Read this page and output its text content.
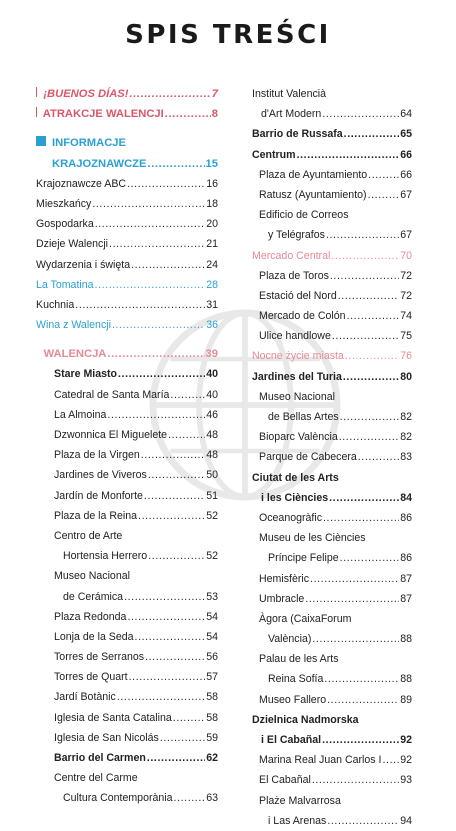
SPIS TREŚCI
¡BUENOS DÍAS! .....	7
ATRAKCJE WALENCJI .....	8
INFORMACJE
KRAJOZNAWCZE .....	15
Krajoznawcze ABC .....	16
Mieszkańcy .....	18
Gospodarka .....	20
Dzieje Walencji .....	21
Wydarzenia i święta .....	24
La Tomatina .....	28
Kuchnia .....	31
Wina z Walencji .....	36
WALENCJA .....	39
Stare Miasto .....	40
Catedral de Santa María .....	40
La Almoina .....	46
Dzwonnica El Miguelete .....	48
Plaza de la Virgen .....	48
Jardines de Viveros .....	50
Jardín de Monforte .....	51
Plaza de la Reina .....	52
Centro de Arte
Hortensia Herrero .....	52
Museo Nacional
de Cerámica .....	53
Plaza Redonda .....	54
Lonja de la Seda .....	54
Torres de Serranos .....	56
Torres de Quart .....	57
Jardí Botànic .....	58
Iglesia de Santa Catalina .....	58
Iglesia de San Nicolás .....	59
Barrio del Carmen .....	62
Centre del Carme
Cultura Contemporània .....	63
Institut Valencià
d'Art Modern .....	64
Barrio de Russafa .....	65
Centrum .....	66
Plaza de Ayuntamiento .....	66
Ratusz (Ayuntamiento) .....	67
Edificio de Correos
y Telégrafos .....	67
Mercado Central .....	70
Plaza de Toros .....	72
Estació del Nord .....	72
Mercado de Colón .....	74
Ulice handlowe .....	75
Nocne życie miasta .....	76
Jardines del Turia .....	80
Museo Nacional
de Bellas Artes .....	82
Bioparc València .....	82
Parque de Cabecera .....	83
Ciutat de les Arts
i les Ciències .....	84
Oceanogràfic .....	86
Museu de les Ciències
Príncipe Felipe .....	86
Hemisfèric .....	87
Umbracle .....	87
Àgora (CaixaForum
València) .....	88
Palau de les Arts
Reina Sofía .....	88
Museo Fallero .....	89
Dzielnica Nadmorska
i El Cabañal .....	92
Marina Real Juan Carlos I ..... 92
El Cabañal .....	93
Plaże Malvarrosa
i Las Arenas .....	94
